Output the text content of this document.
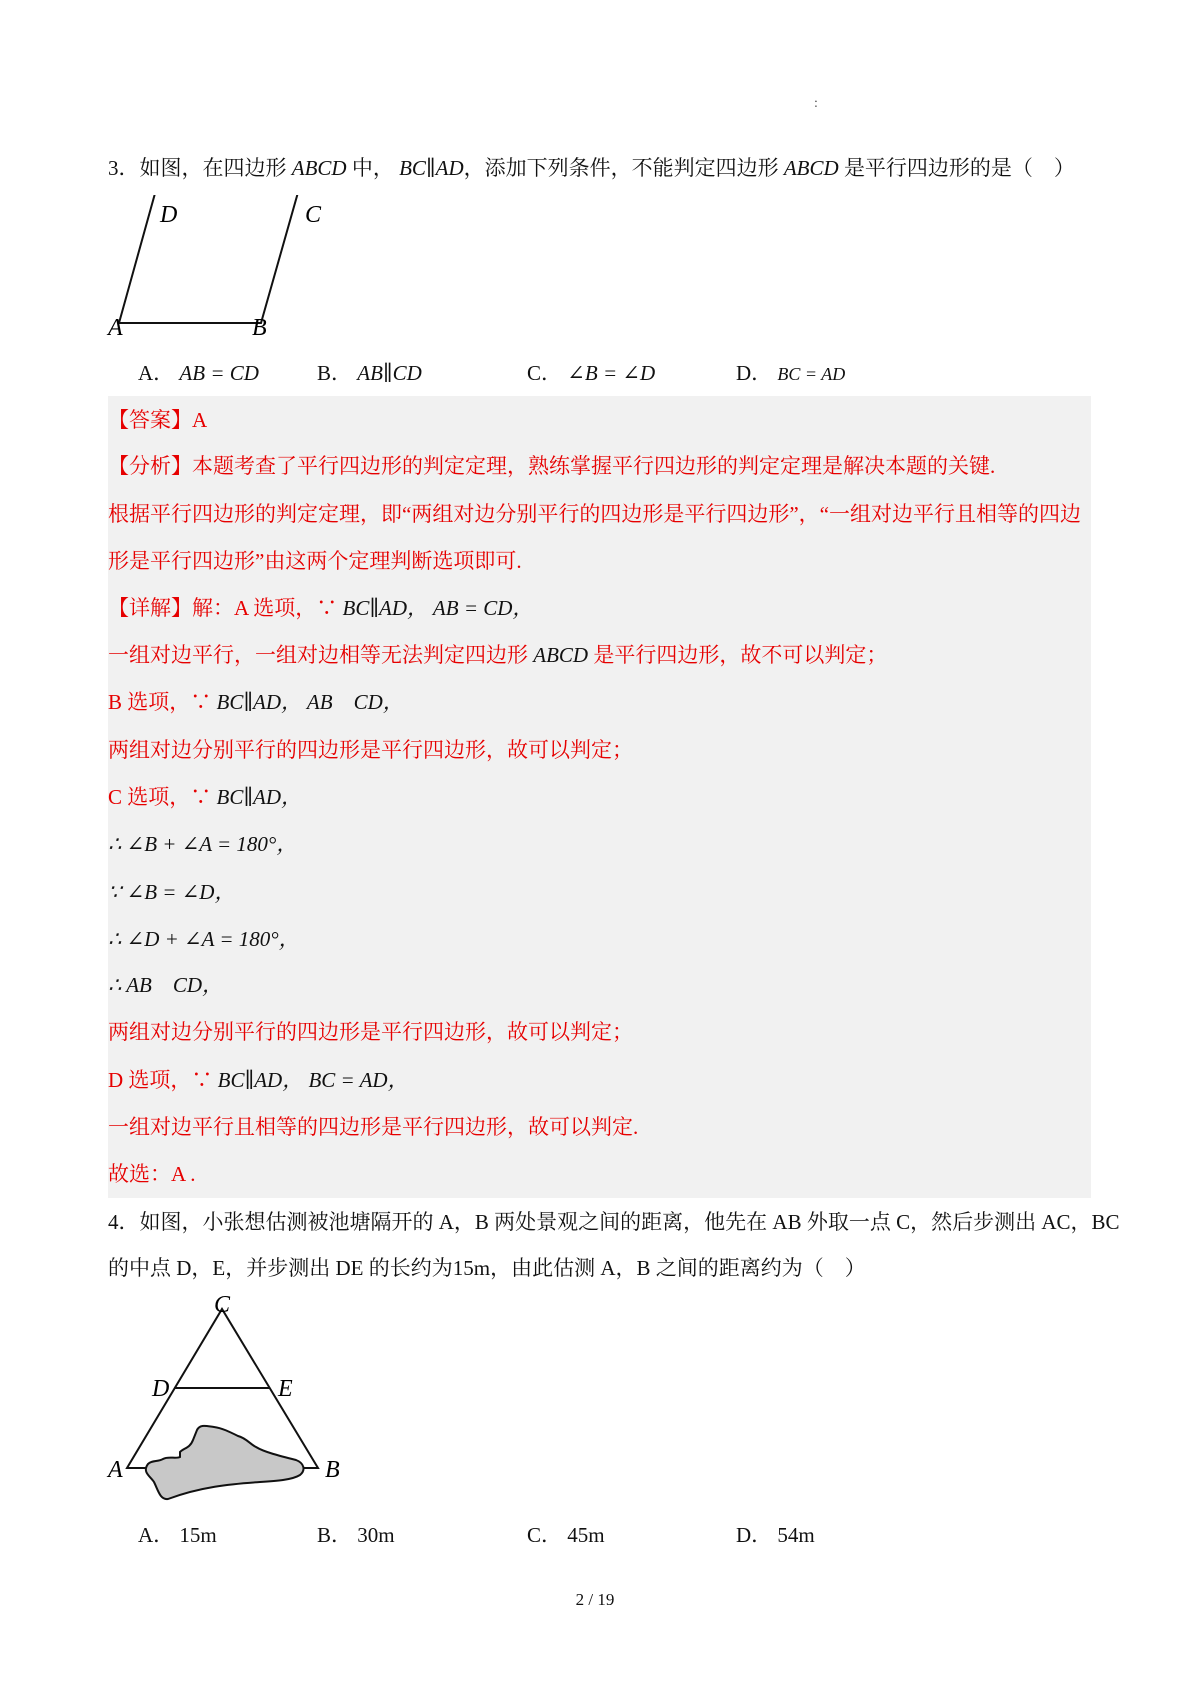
:
3．如图，在四边形 ABCD 中， BC∥AD，添加下列条件，不能判定四边形 ABCD 是平行四边形的是（　）
D	C
A	B
A． AB = CD	B． AB∥CD	C． ∠B = ∠D	D． BC = AD
【答案】A
【分析】本题考查了平行四边形的判定定理，熟练掌握平行四边形的判定定理是解决本题的关键.
根据平行四边形的判定定理，即“两组对边分别平行的四边形是平行四边形”，“一组对边平行且相等的四边
形是平行四边形”由这两个定理判断选项即可.
【详解】解：A 选项，∵ BC∥AD， AB = CD，
一组对边平行，一组对边相等无法判定四边形 ABCD 是平行四边形，故不可以判定；
B 选项，∵ BC∥AD， AB　CD，
两组对边分别平行的四边形是平行四边形，故可以判定；
C 选项，∵ BC∥AD，
∴ ∠B + ∠A = 180°，
∵ ∠B = ∠D，
∴ ∠D + ∠A = 180°，
∴ AB　CD，
两组对边分别平行的四边形是平行四边形，故可以判定；
D 选项，∵ BC∥AD， BC = AD，
一组对边平行且相等的四边形是平行四边形，故可以判定.
故选：A .
4．如图，小张想估测被池塘隔开的 A，B 两处景观之间的距离，他先在 AB 外取一点 C，然后步测出 AC，BC
的中点 D，E，并步测出 DE 的长约为15m，由此估测 A，B 之间的距离约为（　）
C
D	E
A	B
A． 15m	B． 30m	C． 45m	D． 54m
2 / 19
